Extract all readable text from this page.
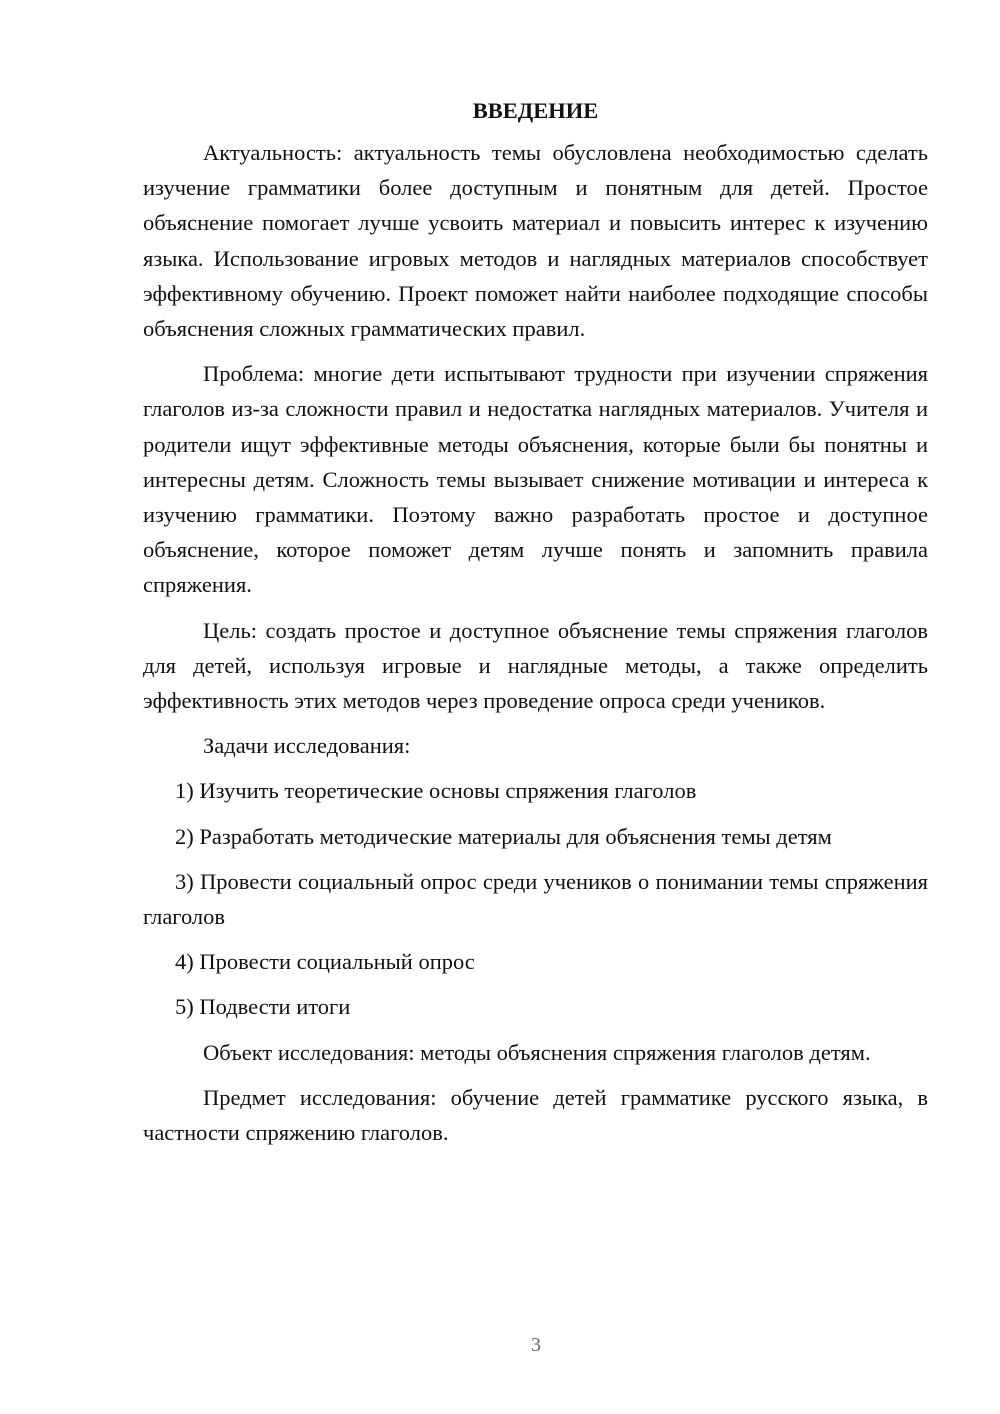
ВВЕДЕНИЕ

Актуальность: актуальность темы обусловлена необходимостью сделать изучение грамматики более доступным и понятным для детей. Простое объяснение помогает лучше усвоить материал и повысить интерес к изучению языка. Использование игровых методов и наглядных материалов способствует эффективному обучению. Проект поможет найти наиболее подходящие способы объяснения сложных грамматических правил.

Проблема: многие дети испытывают трудности при изучении спряжения глаголов из-за сложности правил и недостатка наглядных материалов. Учителя и родители ищут эффективные методы объяснения, которые были бы понятны и интересны детям. Сложность темы вызывает снижение мотивации и интереса к изучению грамматики. Поэтому важно разработать простое и доступное объяснение, которое поможет детям лучше понять и запомнить правила спряжения.

Цель: создать простое и доступное объяснение темы спряжения глаголов для детей, используя игровые и наглядные методы, а также определить эффективность этих методов через проведение опроса среди учеников.

Задачи исследования:

1) Изучить теоретические основы спряжения глаголов

2) Разработать методические материалы для объяснения темы детям

3) Провести социальный опрос среди учеников о понимании темы спряжения глаголов

4) Провести социальный опрос

5) Подвести итоги

Объект исследования: методы объяснения спряжения глаголов детям.

Предмет исследования: обучение детей грамматике русского языка, в частности спряжению глаголов.

3
